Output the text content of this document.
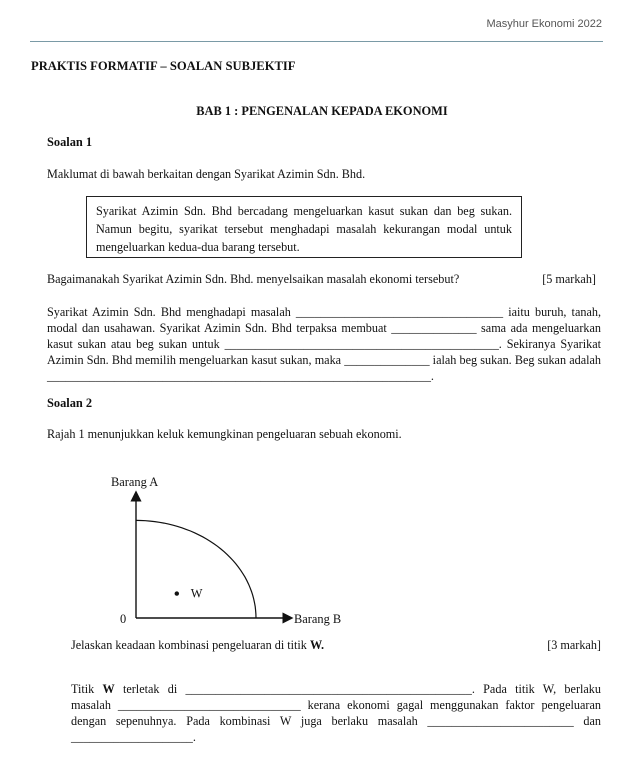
Masyhur Ekonomi 2022
PRAKTIS FORMATIF – SOALAN SUBJEKTIF
BAB 1 : PENGENALAN KEPADA EKONOMI
Soalan 1
Maklumat di bawah berkaitan dengan Syarikat Azimin Sdn. Bhd.
Syarikat Azimin Sdn. Bhd bercadang mengeluarkan kasut sukan dan beg sukan. Namun begitu, syarikat tersebut menghadapi masalah kekurangan modal untuk mengeluarkan kedua-dua barang tersebut.
Bagaimanakah Syarikat Azimin Sdn. Bhd. menyelsaikan masalah ekonomi tersebut?	[5 markah]
Syarikat Azimin Sdn. Bhd menghadapi masalah __________________________________ iaitu buruh, tanah, modal dan usahawan. Syarikat Azimin Sdn. Bhd terpaksa membuat ______________ sama ada mengeluarkan kasut sukan atau beg sukan untuk _____________________________________________. Sekiranya Syarikat Azimin Sdn. Bhd memilih mengeluarkan kasut sukan, maka ______________ ialah beg sukan. Beg sukan adalah _______________________________________________________________.
Soalan 2
Rajah 1 menunjukkan keluk kemungkinan pengeluaran sebuah ekonomi.
W
Barang A
Barang B
0
Jelaskan keadaan kombinasi pengeluaran di titik W.	[3 markah]
Titik W terletak di _______________________________________________. Pada titik W, berlaku masalah ______________________________ kerana ekonomi gagal menggunakan faktor pengeluaran dengan sepenuhnya. Pada kombinasi W juga berlaku masalah ________________________ dan ____________________.
